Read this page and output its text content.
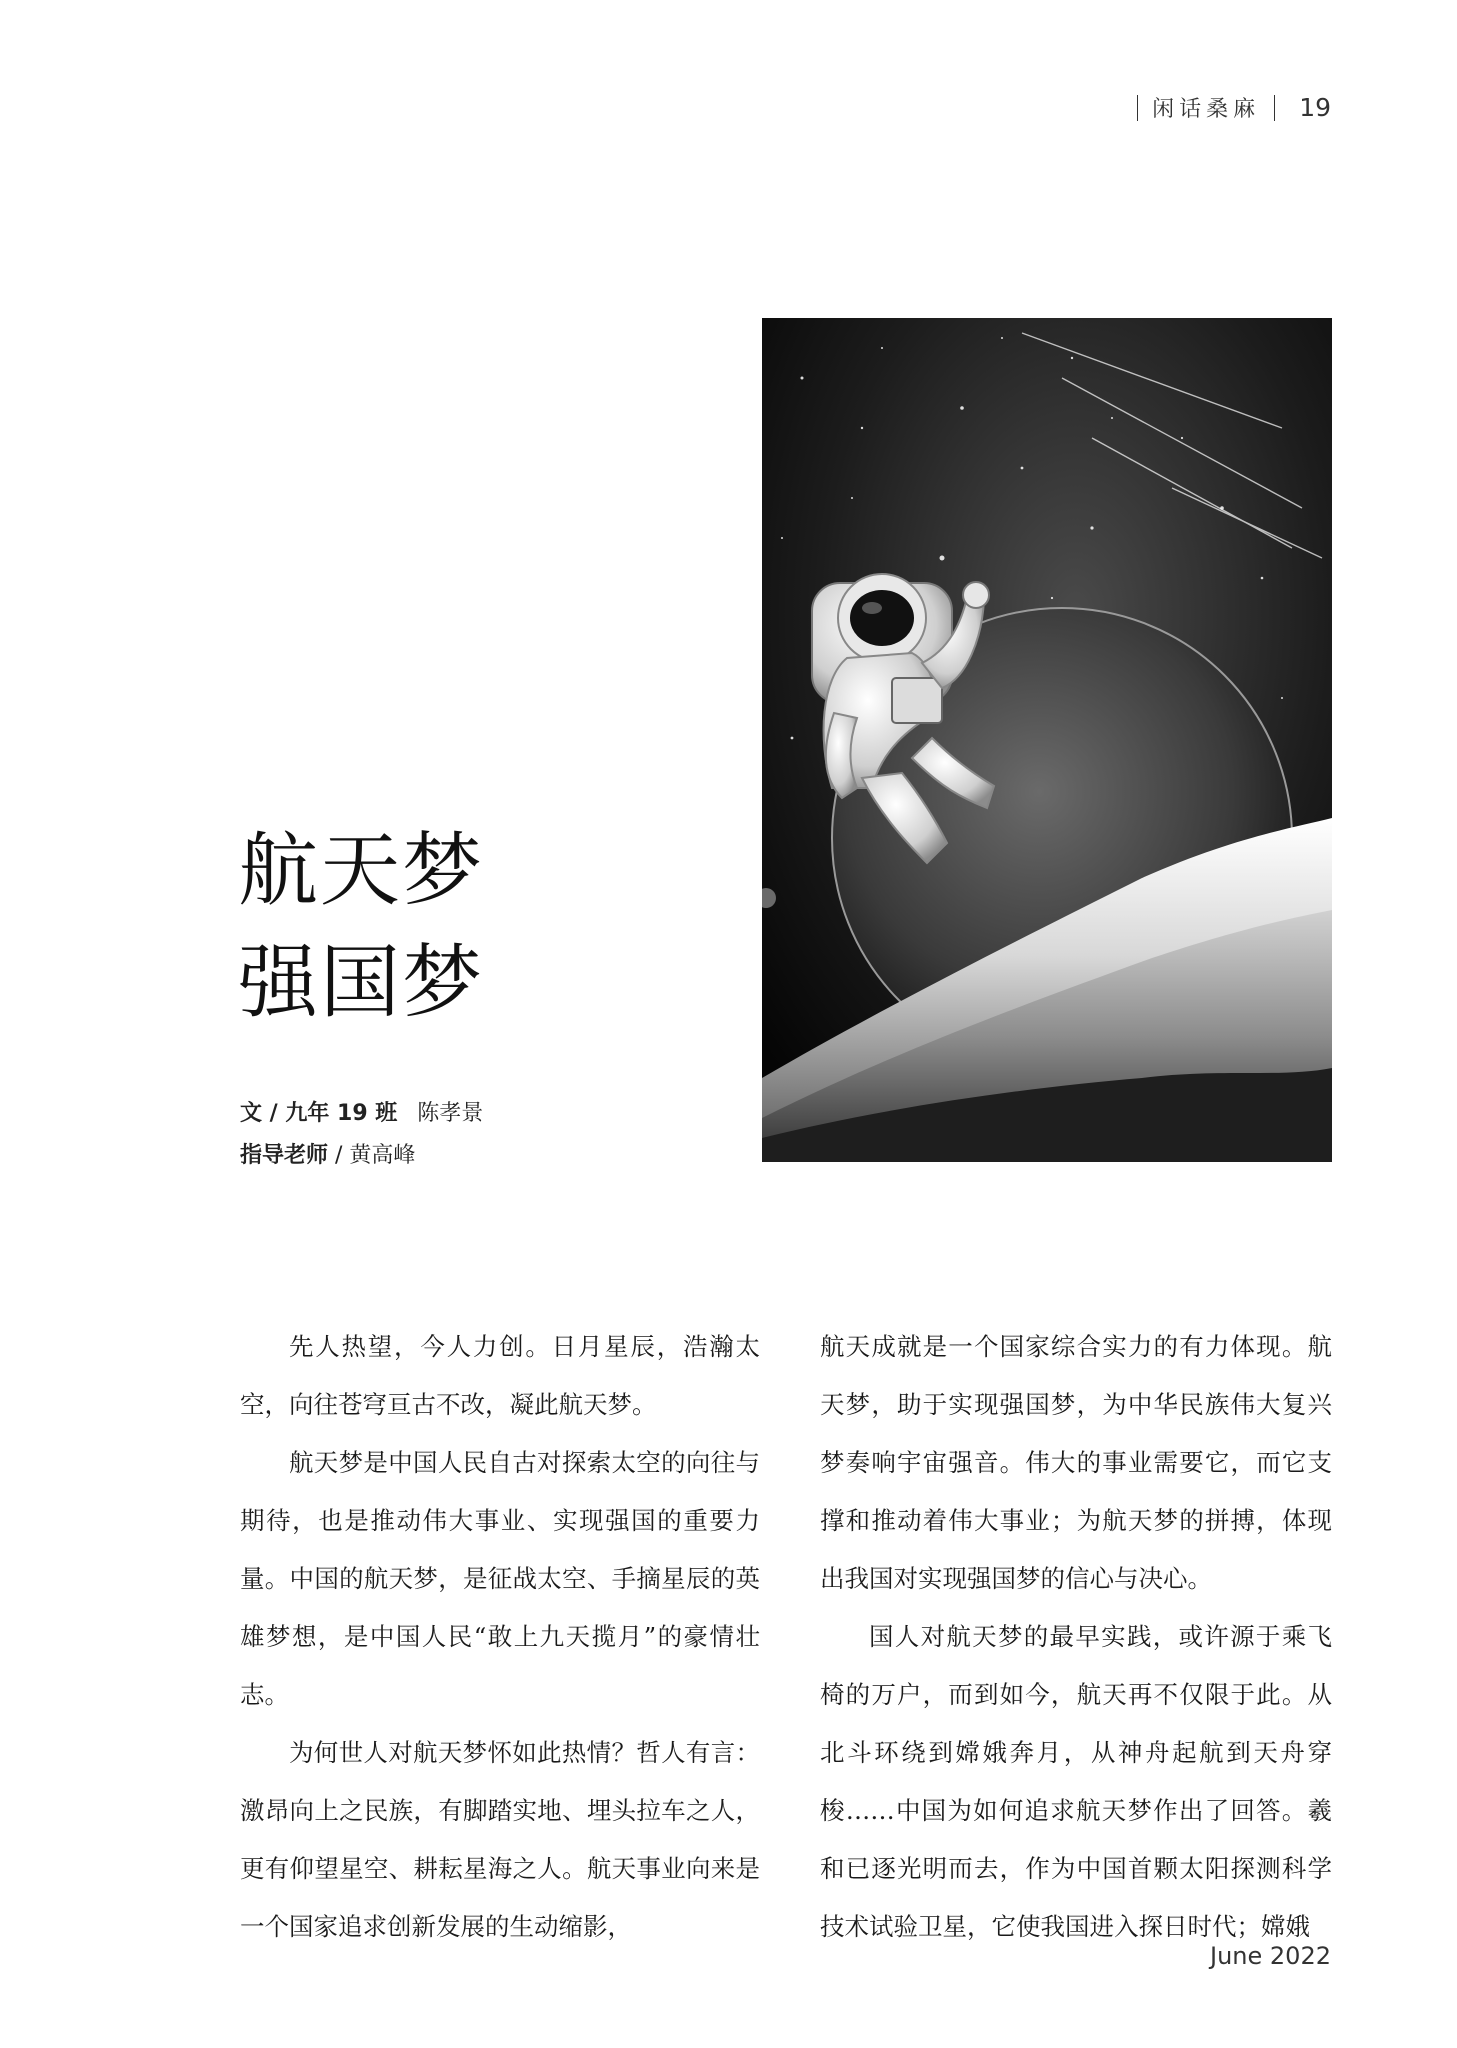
闲话桑麻 19
航天梦
强国梦
文 / 九年 19 班 陈孝景
指导老师 / 黄高峰

先人热望，今人力创。日月星辰，浩瀚太空，向往苍穹亘古不改，凝此航天梦。

航天梦是中国人民自古对探索太空的向往与期待，也是推动伟大事业、实现强国的重要力量。中国的航天梦，是征战太空、手摘星辰的英雄梦想，是中国人民“敢上九天揽月”的豪情壮志。

为何世人对航天梦怀如此热情？哲人有言：激昂向上之民族，有脚踏实地、埋头拉车之人，更有仰望星空、耕耘星海之人。航天事业向来是一个国家追求创新发展的生动缩影，

航天成就是一个国家综合实力的有力体现。航天梦，助于实现强国梦，为中华民族伟大复兴梦奏响宇宙强音。伟大的事业需要它，而它支撑和推动着伟大事业；为航天梦的拼搏，体现出我国对实现强国梦的信心与决心。

国人对航天梦的最早实践，或许源于乘飞椅的万户，而到如今，航天再不仅限于此。从北斗环绕到嫦娥奔月，从神舟起航到天舟穿梭……中国为如何追求航天梦作出了回答。羲和已逐光明而去，作为中国首颗太阳探测科学技术试验卫星，它使我国进入探日时代；嫦娥

June 2022
